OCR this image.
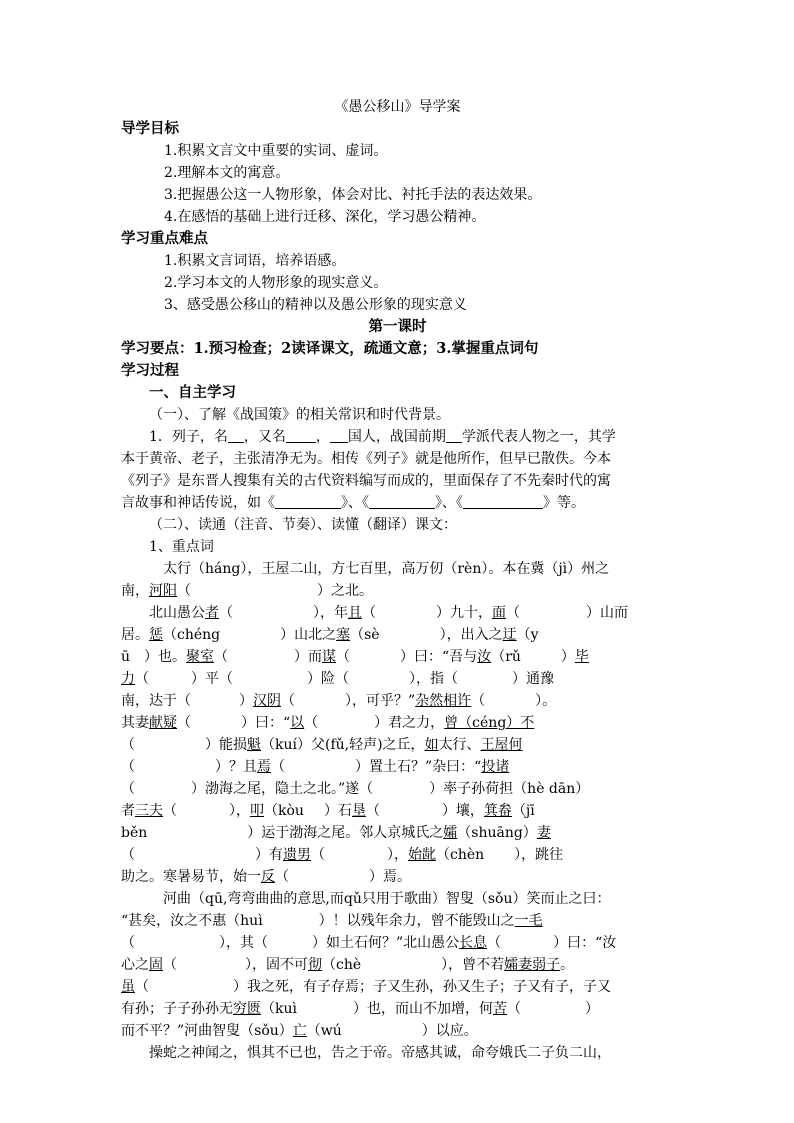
《愚公移山》导学案
导学目标
1.积累文言文中重要的实词、虚词。
2.理解本文的寓意。
3.把握愚公这一人物形象，体会对比、衬托手法的表达效果。
4.在感悟的基础上进行迁移、深化，学习愚公精神。
学习重点难点
1.积累文言词语，培养语感。
2.学习本文的人物形象的现实意义。
3、感受愚公移山的精神以及愚公形象的现实意义
第一课时
学习要点：1.预习检查；2读译课文，疏通文意；3.掌握重点词句
学习过程
一、自主学习
（一）、了解《战国策》的相关常识和时代背景。
1．列子，名 ，又名 ， 国人，战国前期 学派代表人物之一，其学
本于黄帝、老子，主张清净无为。相传《列子》就是他所作，但早已散佚。今本
《列子》是东晋人搜集有关的古代资料编写而成的，里面保存了不先秦时代的寓
言故事和神话传说，如《	》、《	》、《	》等。
（二）、读通（注音、节奏）、读懂（翻译）课文：
1、重点词
太行（háng），王屋二山，方七百里，高万仞（rèn）。本在冀（jì）州之
南，河阳（	）之北。
北山愚公者（	），年且（	）九十，面（	）山而
居。惩（chéng	）山北之塞（sè	），出入之迂（y
ū ）也。聚室（	）而谋（	）曰：“吾与汝（rǔ	）毕
力（	）平（	）险（	），指（	）通豫
南，达于（	）汉阴（	），可乎？”杂然相许（	）。
其妻献疑（	）曰：“以（	）君之力，曾（céng）不
（	）能损魁（kuí）父(fǔ,轻声)之丘，如太行、王屋何
（	）？且焉（	）置土石？”杂曰：“投诸
（	）渤海之尾，隐土之北。”遂（	）率子孙荷担（hè dān）
者三夫（	），叩（kòu ）石垦（	）壤，箕畚（jī
běn	）运于渤海之尾。邻人京城氏之孀（shuāng）妻
（	）有遗男（	），始龀（chèn ），跳往
助之。寒暑易节，始一反（	）焉。
河曲（qū,弯弯曲曲的意思,而qǔ只用于歌曲）智叟（sǒu）笑而止之曰：
“甚矣，汝之不惠（huì	）！以残年余力，曾不能毁山之一毛
（	），其（	）如土石何？”北山愚公长息（	）曰：“汝
心之固（	），固不可彻（chè	），曾不若孀妻弱子。
虽（	）我之死，有子存焉；子又生孙，孙又生子；子又有子，子又
有孙；子子孙孙无穷匮（kuì	）也，而山不加增，何苦（	）
而不平？”河曲智叟（sǒu）亡（wú	）以应。
操蛇之神闻之，惧其不已也，告之于帝。帝感其诚，命夸娥氏二子负二山，
